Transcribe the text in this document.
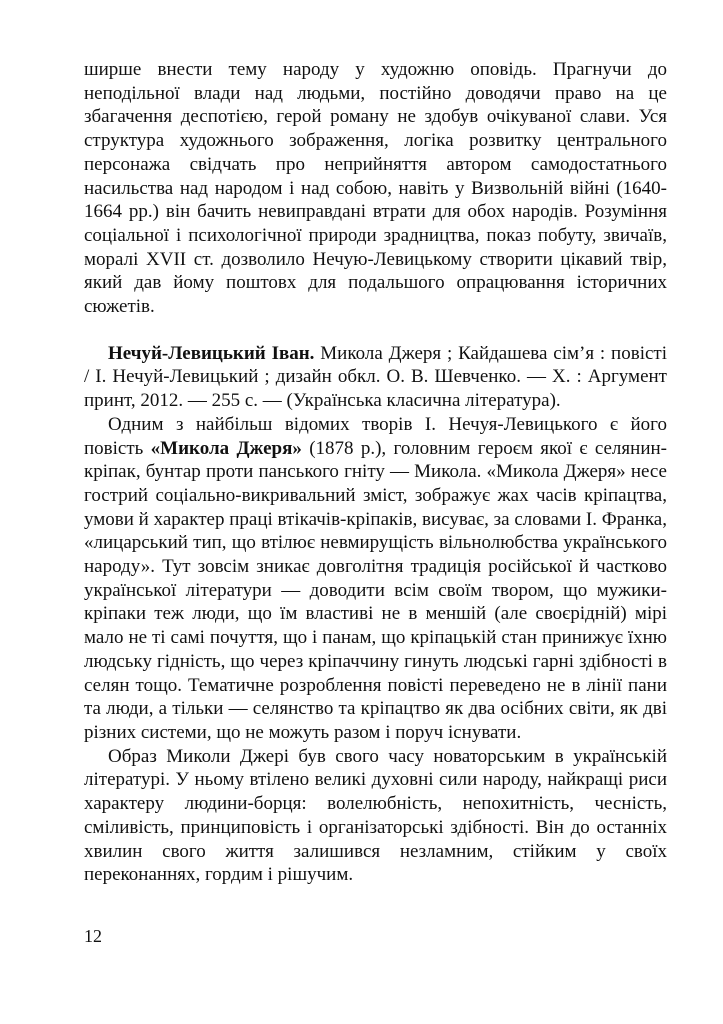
ширше внести тему народу у художню оповідь. Прагнучи до неподільної влади над людьми, постійно доводячи право на це збагачення деспотією, герой роману не здобув очікуваної слави. Уся структура художнього зображення, логіка розвитку центрального персонажа свідчать про неприйняття автором самодостатнього насильства над народом і над собою, навіть у Визвольній війні (1640-1664 рр.) він бачить невиправдані втрати для обох народів. Розуміння соціальної і психологічної природи зрадництва, показ побуту, звичаїв, моралі XVII ст. дозволило Нечую-Левицькому створити цікавий твір, який дав йому поштовх для подальшого опрацювання історичних сюжетів.

Нечуй-Левицький Іван. Микола Джеря ; Кайдашева сім’я : повісті / І. Нечуй-Левицький ; дизайн обкл. О. В. Шевченко. — Х. : Аргумент принт, 2012. — 255 с. — (Українська класична література).

Одним з найбільш відомих творів І. Нечуя-Левицького є його повість «Микола Джеря» (1878 р.), головним героєм якої є селянин-кріпак, бунтар проти панського гніту — Микола. «Микола Джеря» несе гострий соціально-викривальний зміст, зображує жах часів кріпацтва, умови й характер праці втікачів-кріпаків, висуває, за словами І. Франка, «лицарський тип, що втілює невмирущість вільнолюбства українського народу». Тут зовсім зникає довголітня традиція російської й частково української літератури — доводити всім своїм твором, що мужики-кріпаки теж люди, що їм властиві не в меншій (але своєрідній) мірі мало не ті самі почуття, що і панам, що кріпацькій стан принижує їхню людську гідність, що через кріпаччину гинуть людські гарні здібності в селян тощо. Тематичне розроблення повісті переведено не в лінії пани та люди, а тільки — селянство та кріпацтво як два осібних світи, як дві різних системи, що не можуть разом і поруч існувати.

Образ Миколи Джері був свого часу новаторським в українській літературі. У ньому втілено великі духовні сили народу, найкращі риси характеру людини-борця: волелюбність, непохитність, чесність, сміливість, принциповість і організаторські здібності. Він до останніх хвилин свого життя залишився незламним, стійким у своїх переконаннях, гордим і рішучим.

12
